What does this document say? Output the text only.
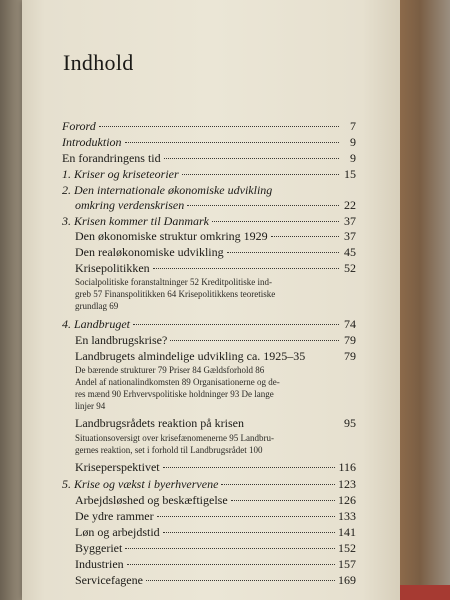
Indhold
Forord	7
Introduktion	9
En forandringens tid	9
1. Kriser og kriseteorier	15
2. Den internationale økonomiske udvikling
omkring verdenskrisen	22
3. Krisen kommer til Danmark	37
Den økonomiske struktur omkring 1929	37
Den realøkonomiske udvikling	45
Krisepolitikken	52
Socialpolitiske foranstaltninger 52 Kreditpolitiske ind-
greb 57 Finanspolitikken 64 Krisepolitikkens teoretiske
grundlag 69
4. Landbruget	74
En landbrugskrise?	79
Landbrugets almindelige udvikling ca. 1925–35	79
De bærende strukturer 79 Priser 84 Gældsforhold 86
Andel af nationalindkomsten 89 Organisationerne og de-
res mænd 90 Erhvervspolitiske holdninger 93 De lange
linjer 94
Landbrugsrådets reaktion på krisen	95
Situationsoversigt over krisefænomenerne 95 Landbru-
gernes reaktion, set i forhold til Landbrugsrådet 100
Kriseperspektivet	116
5. Krise og vækst i byerhvervene	123
Arbejdsløshed og beskæftigelse	126
De ydre rammer	133
Løn og arbejdstid	141
Byggeriet	152
Industrien	157
Servicefagene	169
